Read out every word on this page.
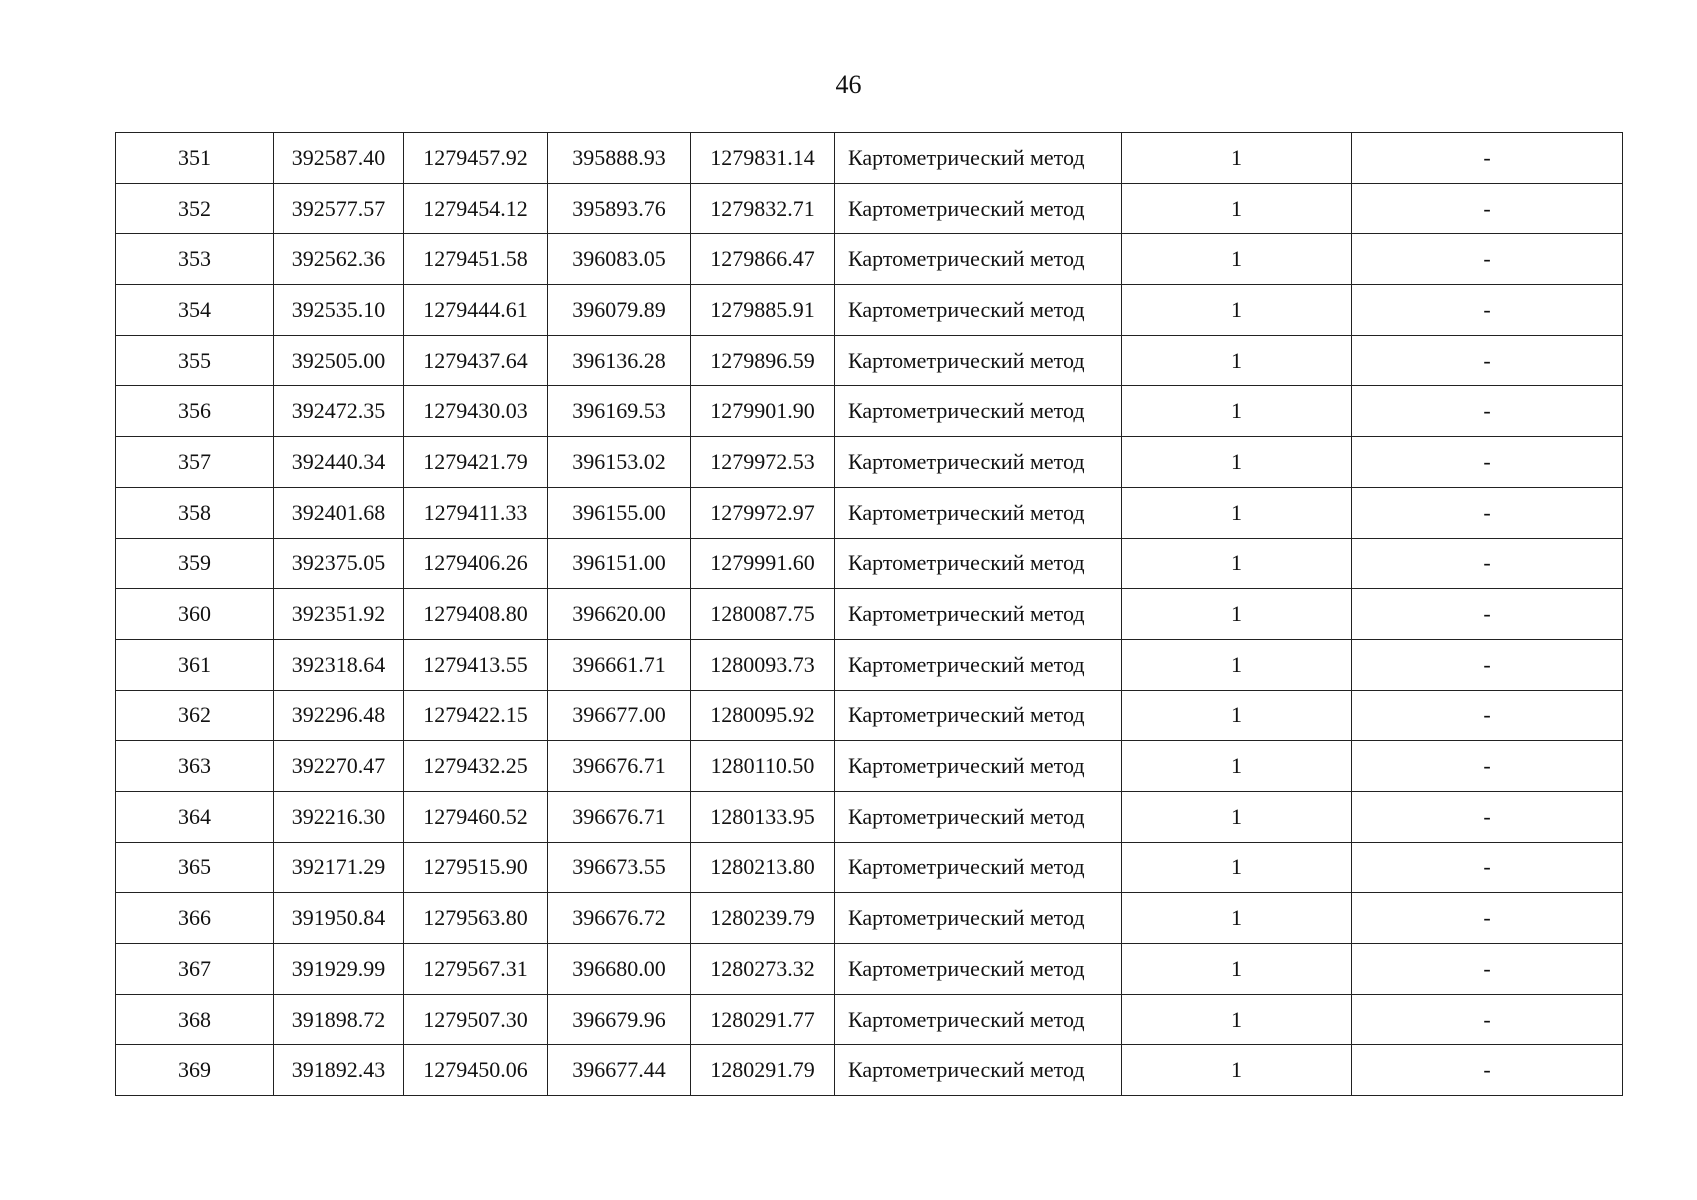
46
351	392587.40	1279457.92	395888.93	1279831.14	Картометрический метод	1	-
352	392577.57	1279454.12	395893.76	1279832.71	Картометрический метод	1	-
353	392562.36	1279451.58	396083.05	1279866.47	Картометрический метод	1	-
354	392535.10	1279444.61	396079.89	1279885.91	Картометрический метод	1	-
355	392505.00	1279437.64	396136.28	1279896.59	Картометрический метод	1	-
356	392472.35	1279430.03	396169.53	1279901.90	Картометрический метод	1	-
357	392440.34	1279421.79	396153.02	1279972.53	Картометрический метод	1	-
358	392401.68	1279411.33	396155.00	1279972.97	Картометрический метод	1	-
359	392375.05	1279406.26	396151.00	1279991.60	Картометрический метод	1	-
360	392351.92	1279408.80	396620.00	1280087.75	Картометрический метод	1	-
361	392318.64	1279413.55	396661.71	1280093.73	Картометрический метод	1	-
362	392296.48	1279422.15	396677.00	1280095.92	Картометрический метод	1	-
363	392270.47	1279432.25	396676.71	1280110.50	Картометрический метод	1	-
364	392216.30	1279460.52	396676.71	1280133.95	Картометрический метод	1	-
365	392171.29	1279515.90	396673.55	1280213.80	Картометрический метод	1	-
366	391950.84	1279563.80	396676.72	1280239.79	Картометрический метод	1	-
367	391929.99	1279567.31	396680.00	1280273.32	Картометрический метод	1	-
368	391898.72	1279507.30	396679.96	1280291.77	Картометрический метод	1	-
369	391892.43	1279450.06	396677.44	1280291.79	Картометрический метод	1	-
